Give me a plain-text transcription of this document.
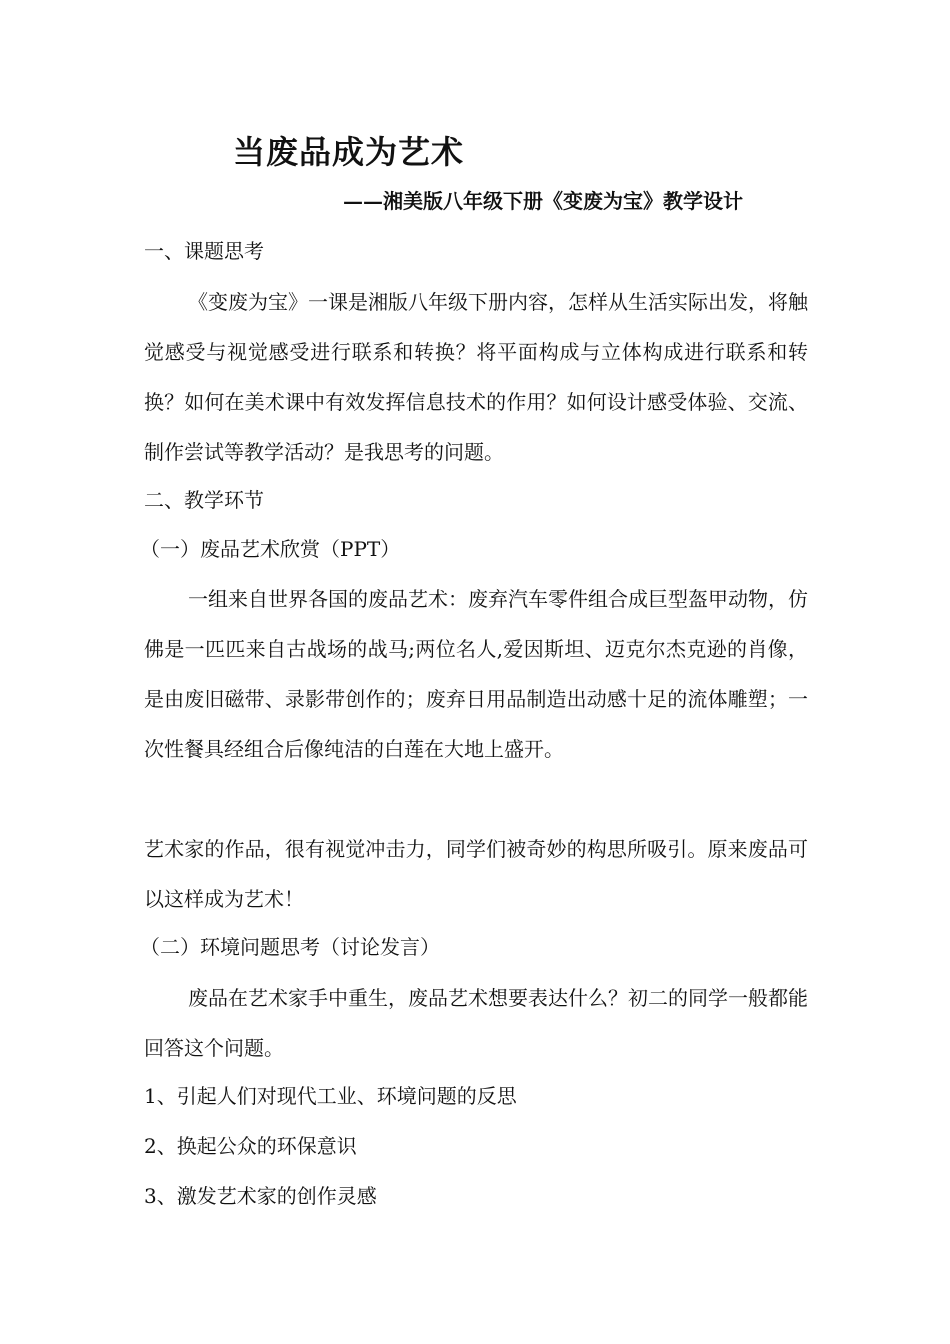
当废品成为艺术

——湘美版八年级下册《变废为宝》教学设计

一、课题思考

《变废为宝》一课是湘版八年级下册内容，怎样从生活实际出发，将触觉感受与视觉感受进行联系和转换？将平面构成与立体构成进行联系和转换？如何在美术课中有效发挥信息技术的作用？如何设计感受体验、交流、制作尝试等教学活动？是我思考的问题。

二、教学环节

（一）废品艺术欣赏（PPT）

一组来自世界各国的废品艺术：废弃汽车零件组合成巨型盔甲动物，仿佛是一匹匹来自古战场的战马;两位名人,爱因斯坦、迈克尔杰克逊的肖像，是由废旧磁带、录影带创作的；废弃日用品制造出动感十足的流体雕塑；一次性餐具经组合后像纯洁的白莲在大地上盛开。

艺术家的作品，很有视觉冲击力，同学们被奇妙的构思所吸引。原来废品可以这样成为艺术！

（二）环境问题思考（讨论发言）

废品在艺术家手中重生，废品艺术想要表达什么？初二的同学一般都能回答这个问题。

1、引起人们对现代工业、环境问题的反思

2、换起公众的环保意识

3、激发艺术家的创作灵感
